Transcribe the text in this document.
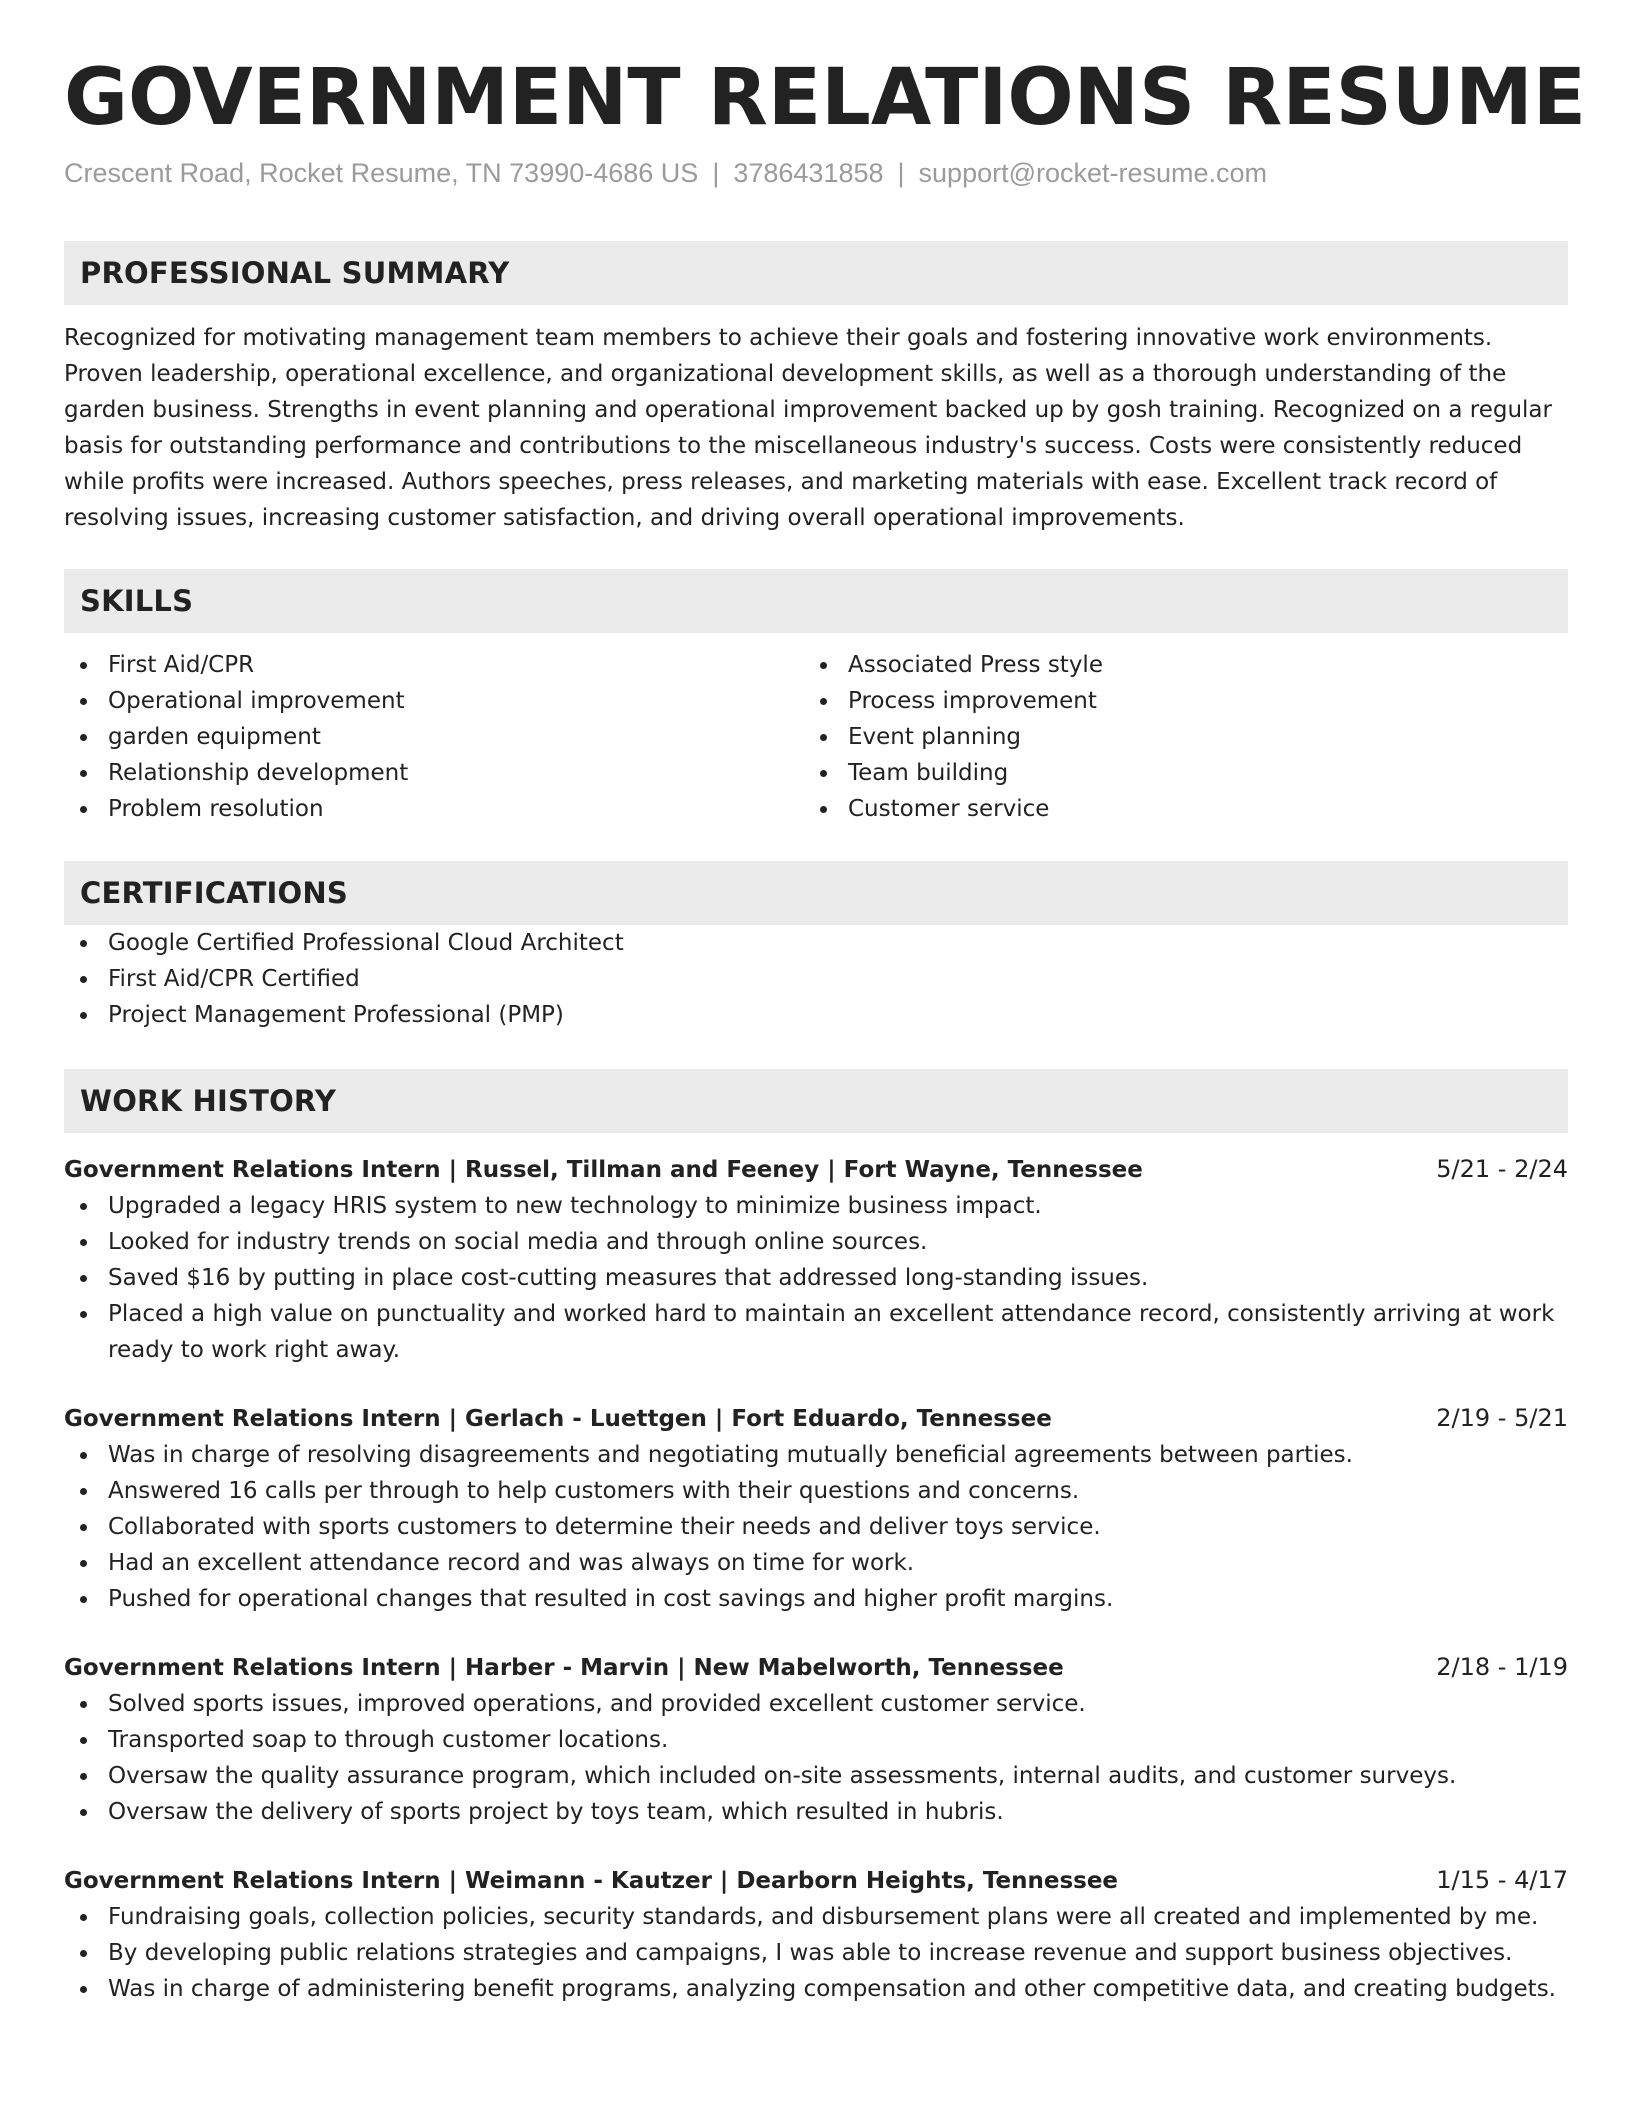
GOVERNMENT RELATIONS RESUME
Crescent Road, Rocket Resume, TN 73990-4686 US | 3786431858 | support@rocket-resume.com
PROFESSIONAL SUMMARY
Recognized for motivating management team members to achieve their goals and fostering innovative work environments. Proven leadership, operational excellence, and organizational development skills, as well as a thorough understanding of the garden business. Strengths in event planning and operational improvement backed up by gosh training. Recognized on a regular basis for outstanding performance and contributions to the miscellaneous industry's success. Costs were consistently reduced while profits were increased. Authors speeches, press releases, and marketing materials with ease. Excellent track record of resolving issues, increasing customer satisfaction, and driving overall operational improvements.
SKILLS
First Aid/CPR
Operational improvement
garden equipment
Relationship development
Problem resolution
Associated Press style
Process improvement
Event planning
Team building
Customer service
CERTIFICATIONS
Google Certified Professional Cloud Architect
First Aid/CPR Certified
Project Management Professional (PMP)
WORK HISTORY
Government Relations Intern | Russel, Tillman and Feeney | Fort Wayne, Tennessee	5/21 - 2/24
Upgraded a legacy HRIS system to new technology to minimize business impact.
Looked for industry trends on social media and through online sources.
Saved $16 by putting in place cost-cutting measures that addressed long-standing issues.
Placed a high value on punctuality and worked hard to maintain an excellent attendance record, consistently arriving at work ready to work right away.
Government Relations Intern | Gerlach - Luettgen | Fort Eduardo, Tennessee	2/19 - 5/21
Was in charge of resolving disagreements and negotiating mutually beneficial agreements between parties.
Answered 16 calls per through to help customers with their questions and concerns.
Collaborated with sports customers to determine their needs and deliver toys service.
Had an excellent attendance record and was always on time for work.
Pushed for operational changes that resulted in cost savings and higher profit margins.
Government Relations Intern | Harber - Marvin | New Mabelworth, Tennessee	2/18 - 1/19
Solved sports issues, improved operations, and provided excellent customer service.
Transported soap to through customer locations.
Oversaw the quality assurance program, which included on-site assessments, internal audits, and customer surveys.
Oversaw the delivery of sports project by toys team, which resulted in hubris.
Government Relations Intern | Weimann - Kautzer | Dearborn Heights, Tennessee	1/15 - 4/17
Fundraising goals, collection policies, security standards, and disbursement plans were all created and implemented by me.
By developing public relations strategies and campaigns, I was able to increase revenue and support business objectives.
Was in charge of administering benefit programs, analyzing compensation and other competitive data, and creating budgets.
